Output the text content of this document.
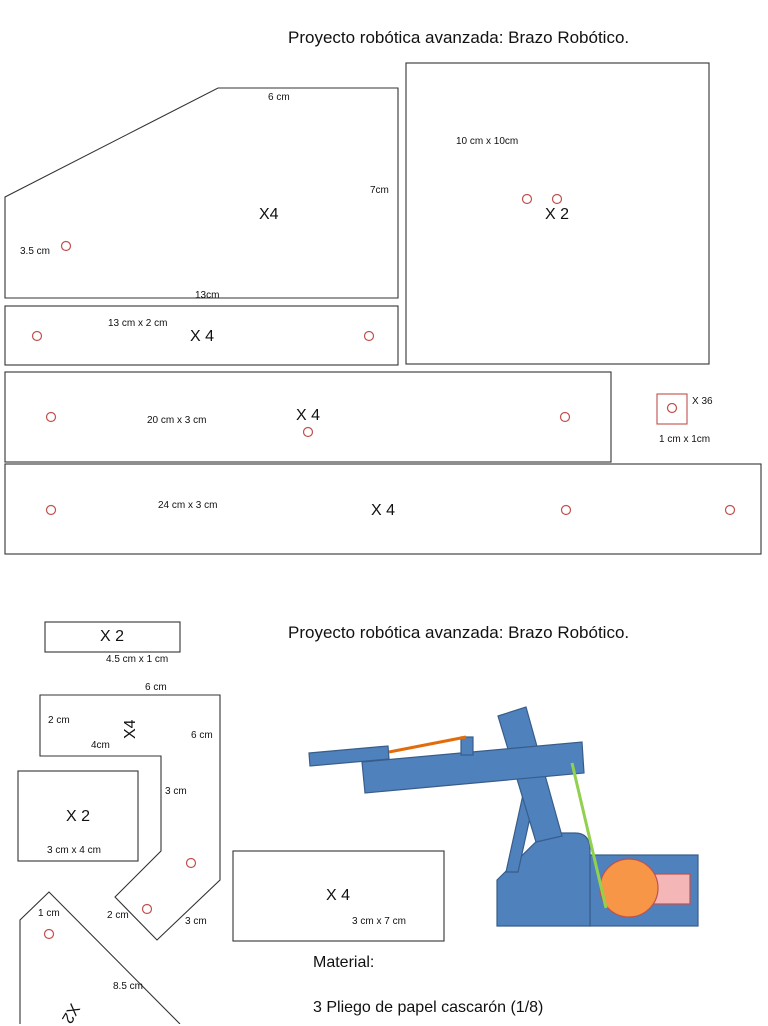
Proyecto robótica avanzada: Brazo Robótico.
6 cm
7cm
3.5 cm
13cm
X4
10 cm x 10cm
X 2
13 cm x 2 cm
X 4
20 cm x 3 cm	X 4
X 36
1 cm x 1cm
24 cm x 3 cm	X 4
Proyecto robótica avanzada: Brazo Robótico.
X 2
4.5 cm x 1 cm
6 cm
2 cm
4cm
6 cm
3 cm
2 cm
3 cm
X4
X 2
3 cm x 4 cm
X 4
3 cm x 7 cm
1 cm
8.5 cm
X2
Material:
3 Pliego de papel cascarón (1/8)
